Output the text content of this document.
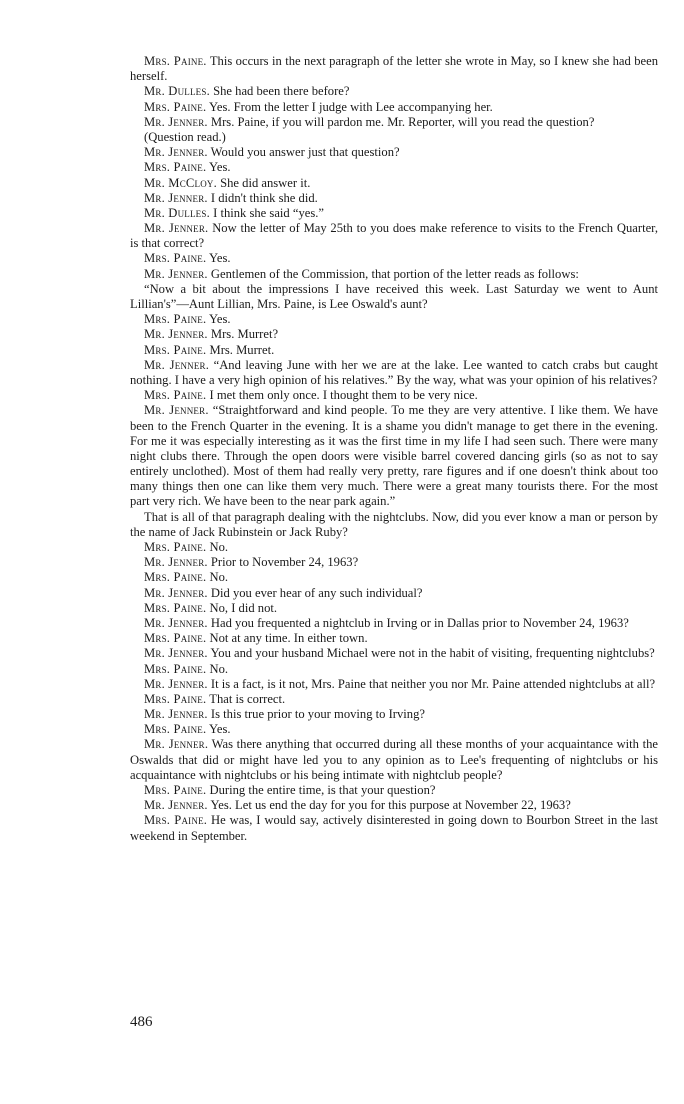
Mrs. Paine. This occurs in the next paragraph of the letter she wrote in May, so I knew she had been herself.

Mr. Dulles. She had been there before?

Mrs. Paine. Yes. From the letter I judge with Lee accompanying her.

Mr. Jenner. Mrs. Paine, if you will pardon me. Mr. Reporter, will you read the question?

(Question read.)

Mr. Jenner. Would you answer just that question?

Mrs. Paine. Yes.

Mr. McCloy. She did answer it.

Mr. Jenner. I didn't think she did.

Mr. Dulles. I think she said “yes.”

Mr. Jenner. Now the letter of May 25th to you does make reference to visits to the French Quarter, is that correct?

Mrs. Paine. Yes.

Mr. Jenner. Gentlemen of the Commission, that portion of the letter reads as follows:

“Now a bit about the impressions I have received this week. Last Saturday we went to Aunt Lillian's”—Aunt Lillian, Mrs. Paine, is Lee Oswald's aunt?

Mrs. Paine. Yes.

Mr. Jenner. Mrs. Murret?

Mrs. Paine. Mrs. Murret.

Mr. Jenner. “And leaving June with her we are at the lake. Lee wanted to catch crabs but caught nothing. I have a very high opinion of his relatives.” By the way, what was your opinion of his relatives?

Mrs. Paine. I met them only once. I thought them to be very nice.

Mr. Jenner. “Straightforward and kind people. To me they are very attentive. I like them. We have been to the French Quarter in the evening. It is a shame you didn't manage to get there in the evening. For me it was especially interesting as it was the first time in my life I had seen such. There were many night clubs there. Through the open doors were visible barrel covered dancing girls (so as not to say entirely unclothed). Most of them had really very pretty, rare figures and if one doesn't think about too many things then one can like them very much. There were a great many tourists there. For the most part very rich. We have been to the near park again.”

That is all of that paragraph dealing with the nightclubs. Now, did you ever know a man or person by the name of Jack Rubinstein or Jack Ruby?

Mrs. Paine. No.

Mr. Jenner. Prior to November 24, 1963?

Mrs. Paine. No.

Mr. Jenner. Did you ever hear of any such individual?

Mrs. Paine. No, I did not.

Mr. Jenner. Had you frequented a nightclub in Irving or in Dallas prior to November 24, 1963?

Mrs. Paine. Not at any time. In either town.

Mr. Jenner. You and your husband Michael were not in the habit of visiting, frequenting nightclubs?

Mrs. Paine. No.

Mr. Jenner. It is a fact, is it not, Mrs. Paine that neither you nor Mr. Paine attended nightclubs at all?

Mrs. Paine. That is correct.

Mr. Jenner. Is this true prior to your moving to Irving?

Mrs. Paine. Yes.

Mr. Jenner. Was there anything that occurred during all these months of your acquaintance with the Oswalds that did or might have led you to any opinion as to Lee's frequenting of nightclubs or his acquaintance with nightclubs or his being intimate with nightclub people?

Mrs. Paine. During the entire time, is that your question?

Mr. Jenner. Yes. Let us end the day for you for this purpose at November 22, 1963?

Mrs. Paine. He was, I would say, actively disinterested in going down to Bourbon Street in the last weekend in September.

486
